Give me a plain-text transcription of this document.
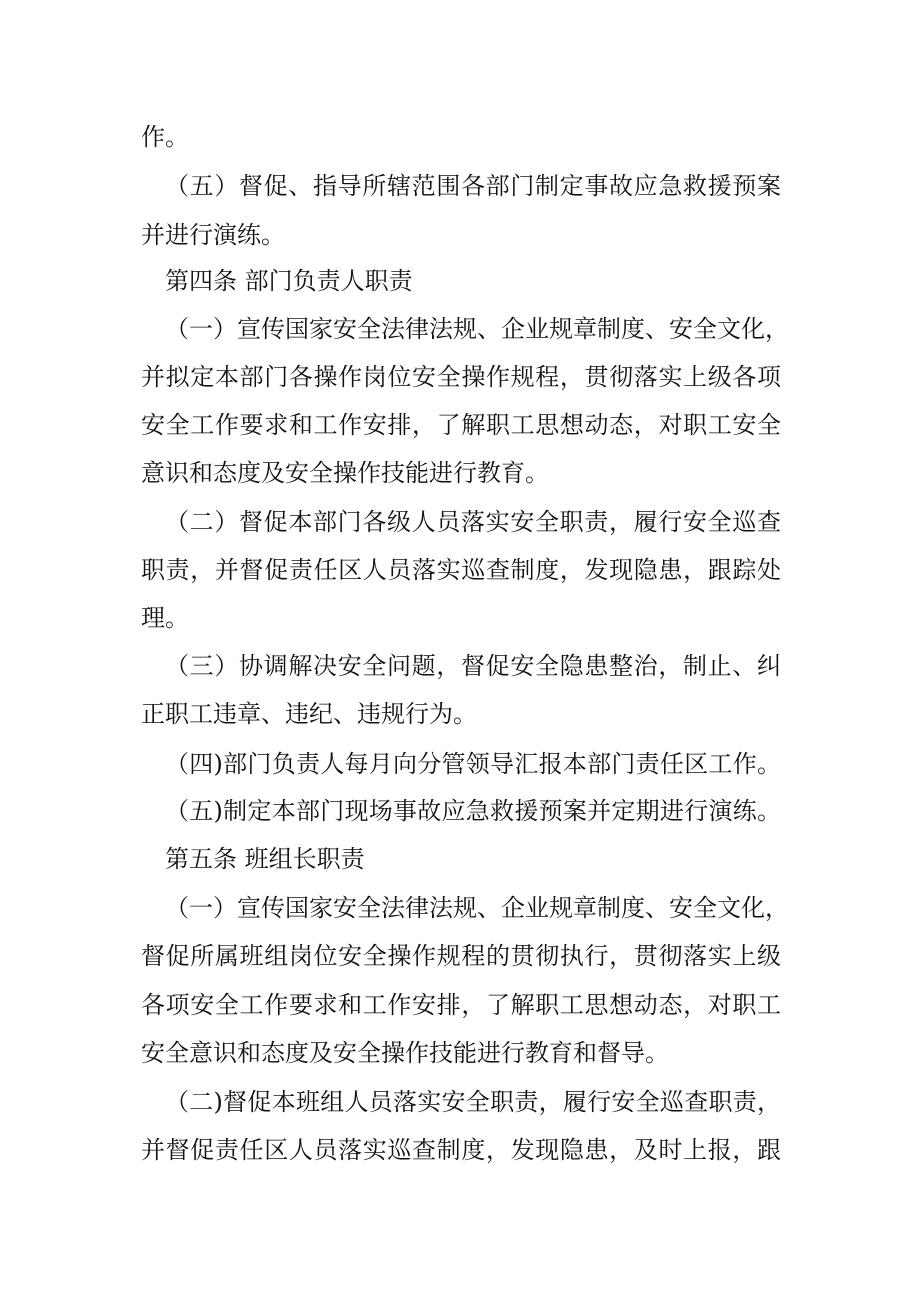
作。
（五）督促、指导所辖范围各部门制定事故应急救援预案
并进行演练。
第四条 部门负责人职责
（一）宣传国家安全法律法规、企业规章制度、安全文化，
并拟定本部门各操作岗位安全操作规程，贯彻落实上级各项
安全工作要求和工作安排，了解职工思想动态，对职工安全
意识和态度及安全操作技能进行教育。
（二）督促本部门各级人员落实安全职责，履行安全巡查
职责，并督促责任区人员落实巡查制度，发现隐患，跟踪处
理。
（三）协调解决安全问题，督促安全隐患整治，制止、纠
正职工违章、违纪、违规行为。
（四)部门负责人每月向分管领导汇报本部门责任区工作。
（五)制定本部门现场事故应急救援预案并定期进行演练。
第五条 班组长职责
（一）宣传国家安全法律法规、企业规章制度、安全文化，
督促所属班组岗位安全操作规程的贯彻执行，贯彻落实上级
各项安全工作要求和工作安排，了解职工思想动态，对职工
安全意识和态度及安全操作技能进行教育和督导。
（二)督促本班组人员落实安全职责，履行安全巡查职责，
并督促责任区人员落实巡查制度，发现隐患，及时上报，跟
